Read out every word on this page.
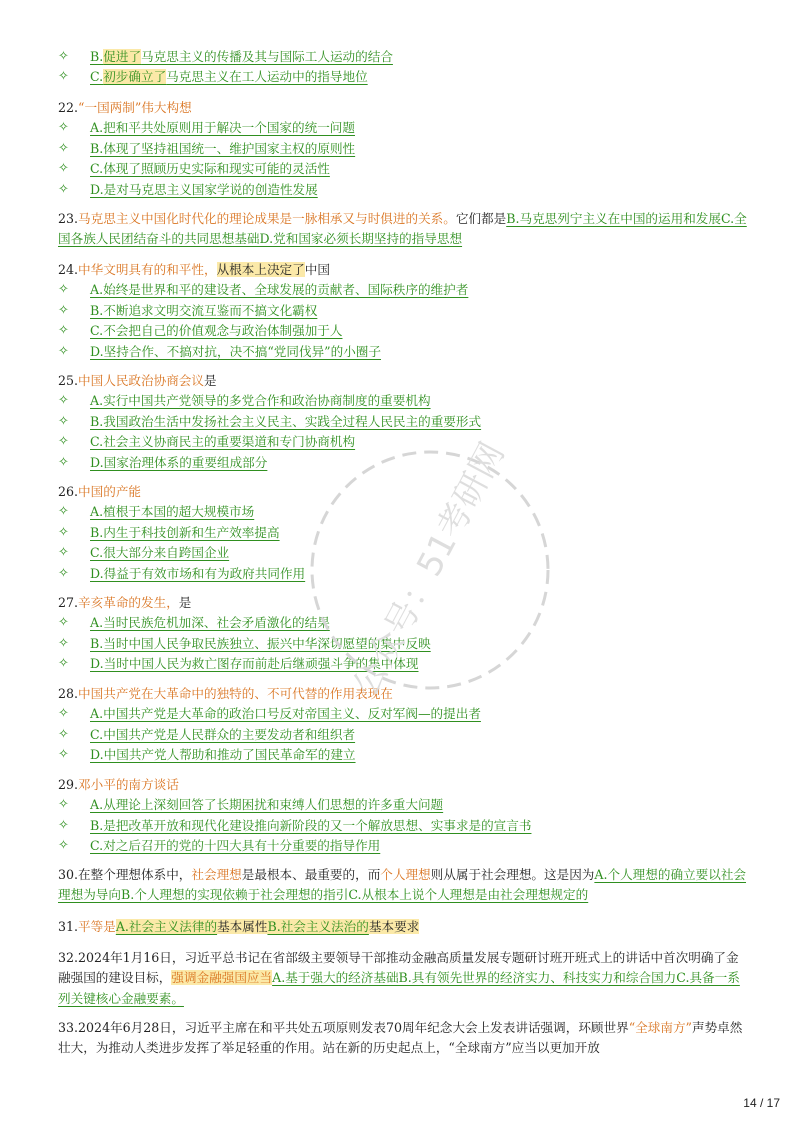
✧ B.促进了马克思主义的传播及其与国际工人运动的结合
✧ C.初步确立了马克思主义在工人运动中的指导地位
22.“一国两制”伟大构想
✧ A.把和平共处原则用于解决一个国家的统一问题
✧ B.体现了坚持祖国统一、维护国家主权的原则性
✧ C.体现了照顾历史实际和现实可能的灵活性
✧ D.是对马克思主义国家学说的创造性发展
23.马克思主义中国化时代化的理论成果是一脉相承又与时俱进的关系。它们都是B.马克思列宁主义在中国的运用和发展C.全国各族人民团结奋斗的共同思想基础D.党和国家必须长期坚持的指导思想
24.中华文明具有的和平性，从根本上决定了中国
✧ A.始终是世界和平的建设者、全球发展的贡献者、国际秩序的维护者
✧ B.不断追求文明交流互鉴而不搞文化霸权
✧ C.不会把自己的价值观念与政治体制强加于人
✧ D.坚持合作、不搞对抗，决不搞“党同伐异”的小圈子
25.中国人民政治协商会议是
✧ A.实行中国共产党领导的多党合作和政治协商制度的重要机构
✧ B.我国政治生活中发扬社会主义民主、实践全过程人民民主的重要形式
✧ C.社会主义协商民主的重要渠道和专门协商机构
✧ D.国家治理体系的重要组成部分
26.中国的产能
✧ A.植根于本国的超大规模市场
✧ B.内生于科技创新和生产效率提高
✧ C.很大部分来自跨国企业
✧ D.得益于有效市场和有为政府共同作用
27.辛亥革命的发生，是
✧ A.当时民族危机加深、社会矛盾激化的结果
✧ B.当时中国人民争取民族独立、振兴中华深切愿望的集中反映
✧ D.当时中国人民为救亡图存而前赴后继顽强斗争的集中体现
28.中国共产党在大革命中的独特的、不可代替的作用表现在
✧ A.中国共产党是大革命的政治口号反对帝国主义、反对军阀—的提出者
✧ C.中国共产党是人民群众的主要发动者和组织者
✧ D.中国共产党人帮助和推动了国民革命军的建立
29.邓小平的南方谈话
✧ A.从理论上深刻回答了长期困扰和束缚人们思想的许多重大问题
✧ B.是把改革开放和现代化建设推向新阶段的又一个解放思想、实事求是的宣言书
✧ C.对之后召开的党的十四大具有十分重要的指导作用
30.在整个理想体系中，社会理想是最根本、最重要的，而个人理想则从属于社会理想。这是因为A.个人理想的确立要以社会理想为导向B.个人理想的实现依赖于社会理想的指引C.从根本上说个人理想是由社会理想规定的
31.平等是A.社会主义法律的基本属性B.社会主义法治的基本要求
32.2024年1月16日，习近平总书记在省部级主要领导干部推动金融高质量发展专题研讨班开班式上的讲话中首次明确了金融强国的建设目标，强调金融强国应当A.基于强大的经济基础B.具有领先世界的经济实力、科技实力和综合国力C.具备一系列关键核心金融要素。
33.2024年6月28日，习近平主席在和平共处五项原则发表70周年纪念大会上发表讲话强调，环顾世界“全球南方”声势卓然壮大，为推动人类进步发挥了举足轻重的作用。站在新的历史起点上，“全球南方”应当以更加开放
公众号：51考研网
14 / 17
